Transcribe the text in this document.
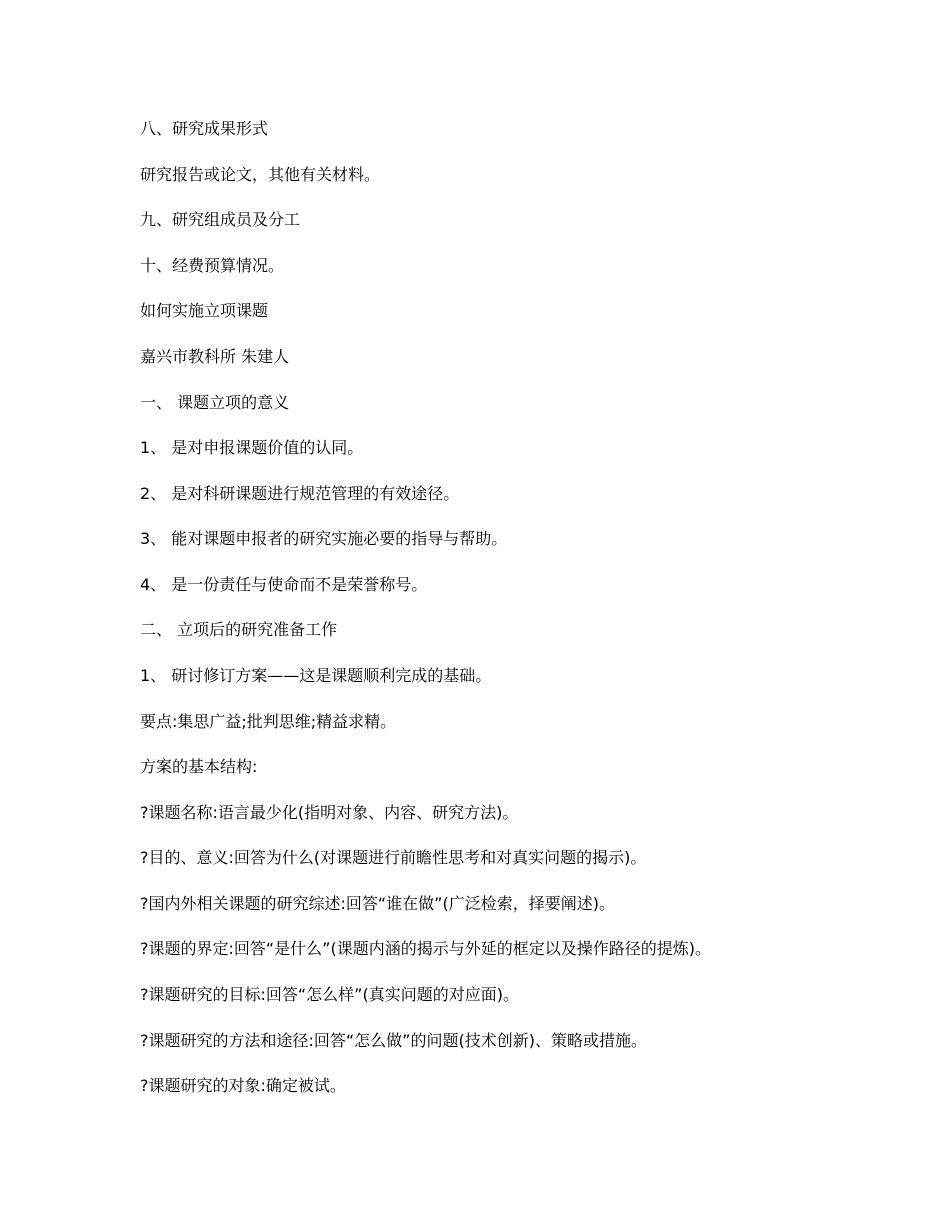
八、研究成果形式

研究报告或论文，其他有关材料。

九、研究组成员及分工

十、经费预算情况。

如何实施立项课题

嘉兴市教科所 朱建人

一、 课题立项的意义

1、 是对申报课题价值的认同。

2、 是对科研课题进行规范管理的有效途径。

3、 能对课题申报者的研究实施必要的指导与帮助。

4、 是一份责任与使命而不是荣誉称号。

二、 立项后的研究准备工作

1、 研讨修订方案——这是课题顺利完成的基础。

要点:集思广益;批判思维;精益求精。

方案的基本结构:

?课题名称:语言最少化(指明对象、内容、研究方法)。

?目的、意义:回答为什么(对课题进行前瞻性思考和对真实问题的揭示)。

?国内外相关课题的研究综述:回答“谁在做”(广泛检索，择要阐述)。

?课题的界定:回答“是什么”(课题内涵的揭示与外延的框定以及操作路径的提炼)。

?课题研究的目标:回答“怎么样”(真实问题的对应面)。

?课题研究的方法和途径:回答“怎么做”的问题(技术创新)、策略或措施。

?课题研究的对象:确定被试。
